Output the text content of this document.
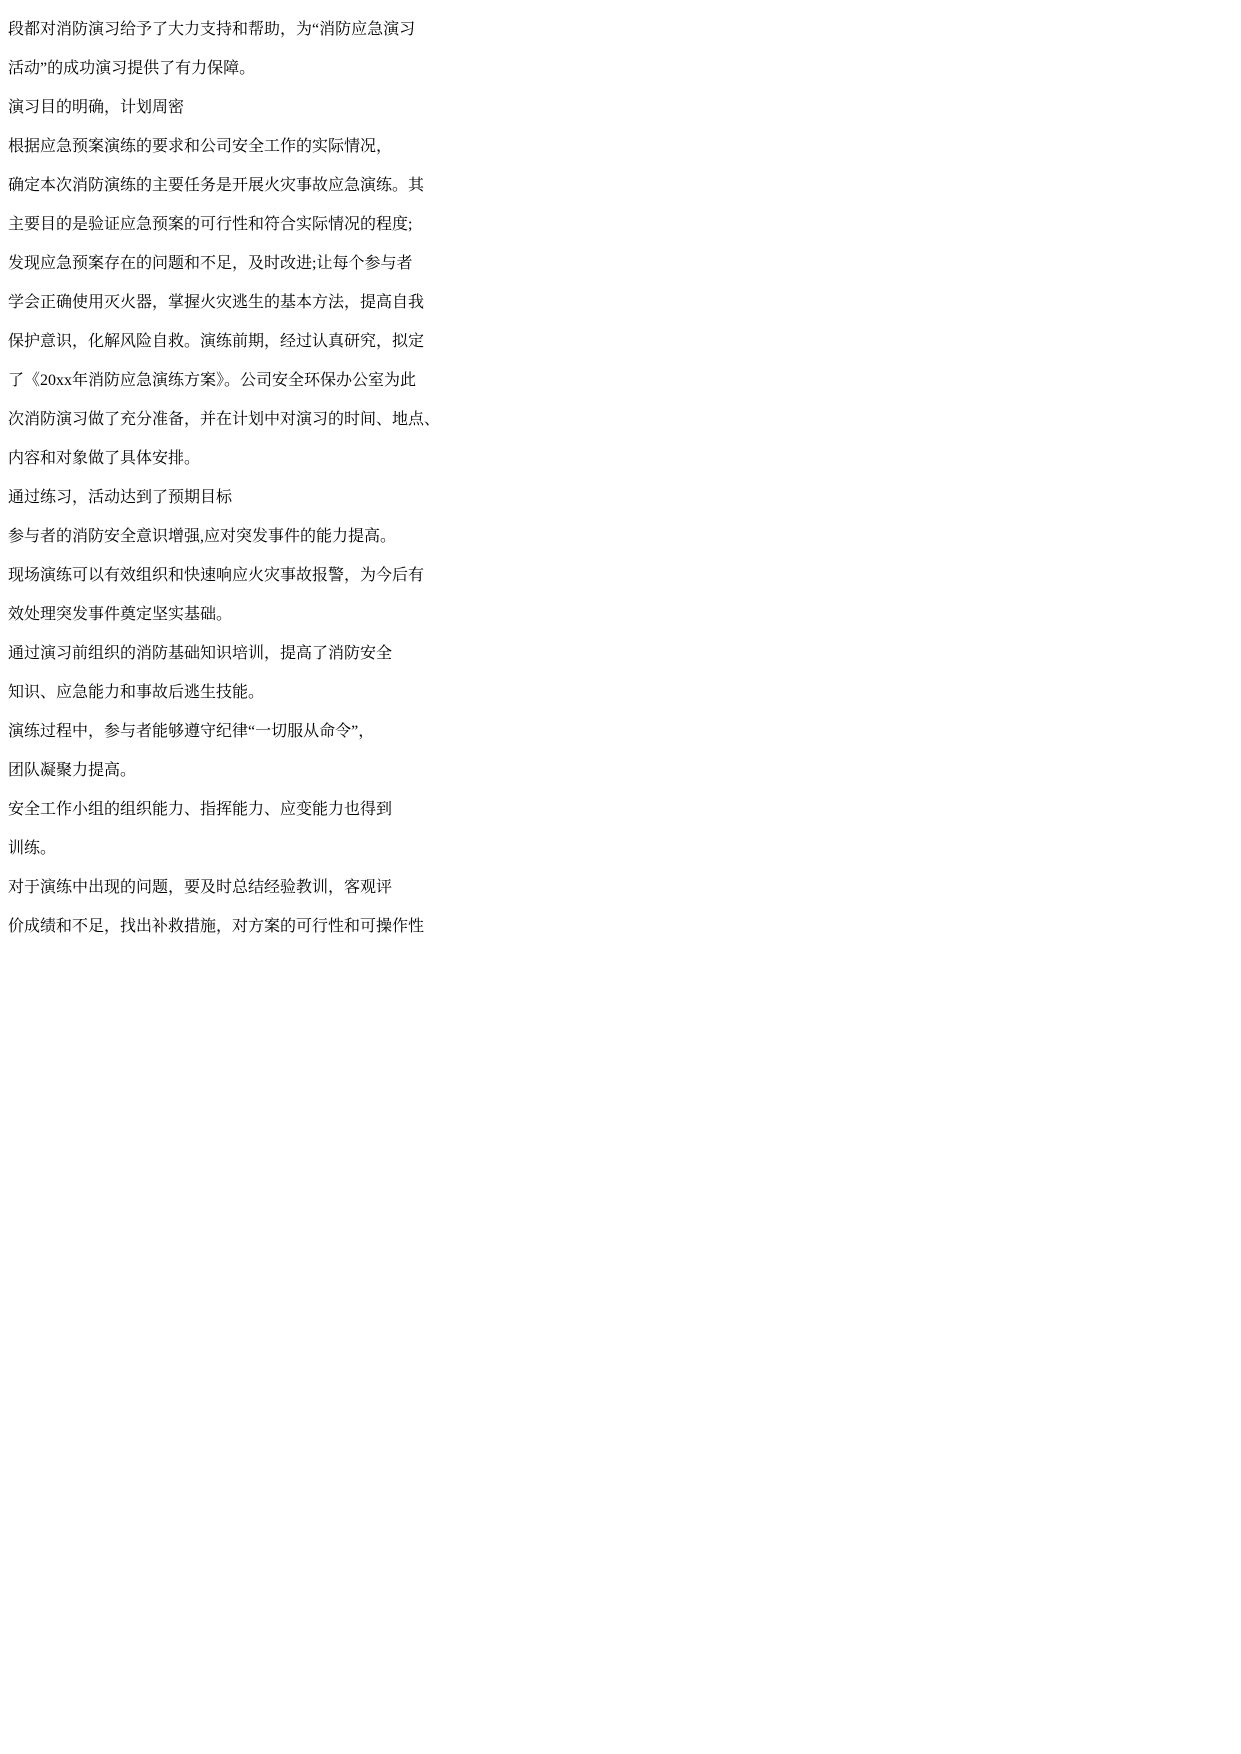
段都对消防演习给予了大力支持和帮助，为“消防应急演习

活动”的成功演习提供了有力保障。

演习目的明确，计划周密

根据应急预案演练的要求和公司安全工作的实际情况，

确定本次消防演练的主要任务是开展火灾事故应急演练。其

主要目的是验证应急预案的可行性和符合实际情况的程度;

发现应急预案存在的问题和不足，及时改进;让每个参与者

学会正确使用灭火器，掌握火灾逃生的基本方法，提高自我

保护意识，化解风险自救。演练前期，经过认真研究，拟定

了《20xx年消防应急演练方案》。公司安全环保办公室为此

次消防演习做了充分准备，并在计划中对演习的时间、地点、

内容和对象做了具体安排。

通过练习，活动达到了预期目标

参与者的消防安全意识增强,应对突发事件的能力提高。

现场演练可以有效组织和快速响应火灾事故报警，为今后有

效处理突发事件奠定坚实基础。

通过演习前组织的消防基础知识培训，提高了消防安全

知识、应急能力和事故后逃生技能。

演练过程中，参与者能够遵守纪律“一切服从命令”，

团队凝聚力提高。

安全工作小组的组织能力、指挥能力、应变能力也得到

训练。

对于演练中出现的问题，要及时总结经验教训，客观评

价成绩和不足，找出补救措施，对方案的可行性和可操作性
